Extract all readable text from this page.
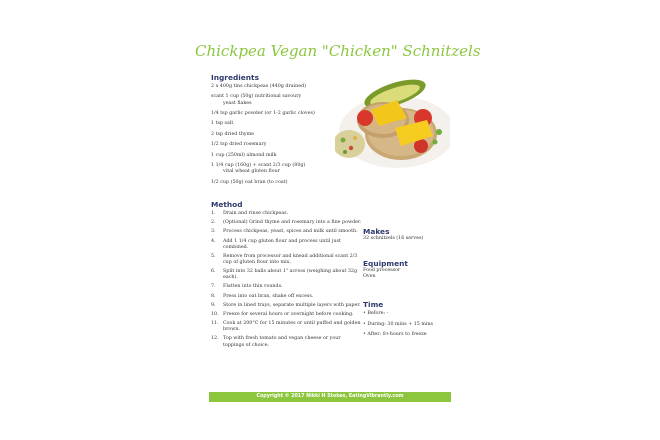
Chickpea Vegan "Chicken" Schnitzels
Ingredients
2 x 400g tins chickpeas (440g drained)
scant 1 cup (50g) nutritional savoury
yeast flakes
1/4 tsp garlic powder (or 1-2 garlic cloves)
1 tsp salt
2 tsp dried thyme
1/2 tsp dried rosemary
1 cup (250ml) almond milk
1 1/4 cup (160g) + scant 2/3 cup (80g)
vital wheat gluten flour
1/2 cup (50g) oat bran (to coat)
Method
1.	Drain and rinse chickpeas.
2.	(Optional) Grind thyme and rosemary into a fine powder.
3.	Process chickpeas, yeast, spices and milk until smooth.
4.	Add 1 1/4 cup gluten flour and process until just combined.
5.	Remove from processor and knead additional scant 2/3 cup of gluten flour into mix.
6.	Split into 32 balls about 1" across (weighing about 32g each).
7.	Flatten into thin rounds.
8.	Press into oat bran, shake off excess.
9.	Store in lined trays, separate multiple layers with paper.
10. Freeze for several hours or overnight before cooking.
11. Cook at 200°C for 15 minutes or until puffed and golden brown.
12. Top with fresh tomato and vegan cheese or your toppings of choice.
Makes
32 schnitzels (16 serves)
Equipment
Food processor
Oven
Time
• Before: -
• During: 30 mins + 15 mins
• After: 8+hours to freeze
Copyright © 2017 Nikki H Stokes, EatingVibrantly.com
